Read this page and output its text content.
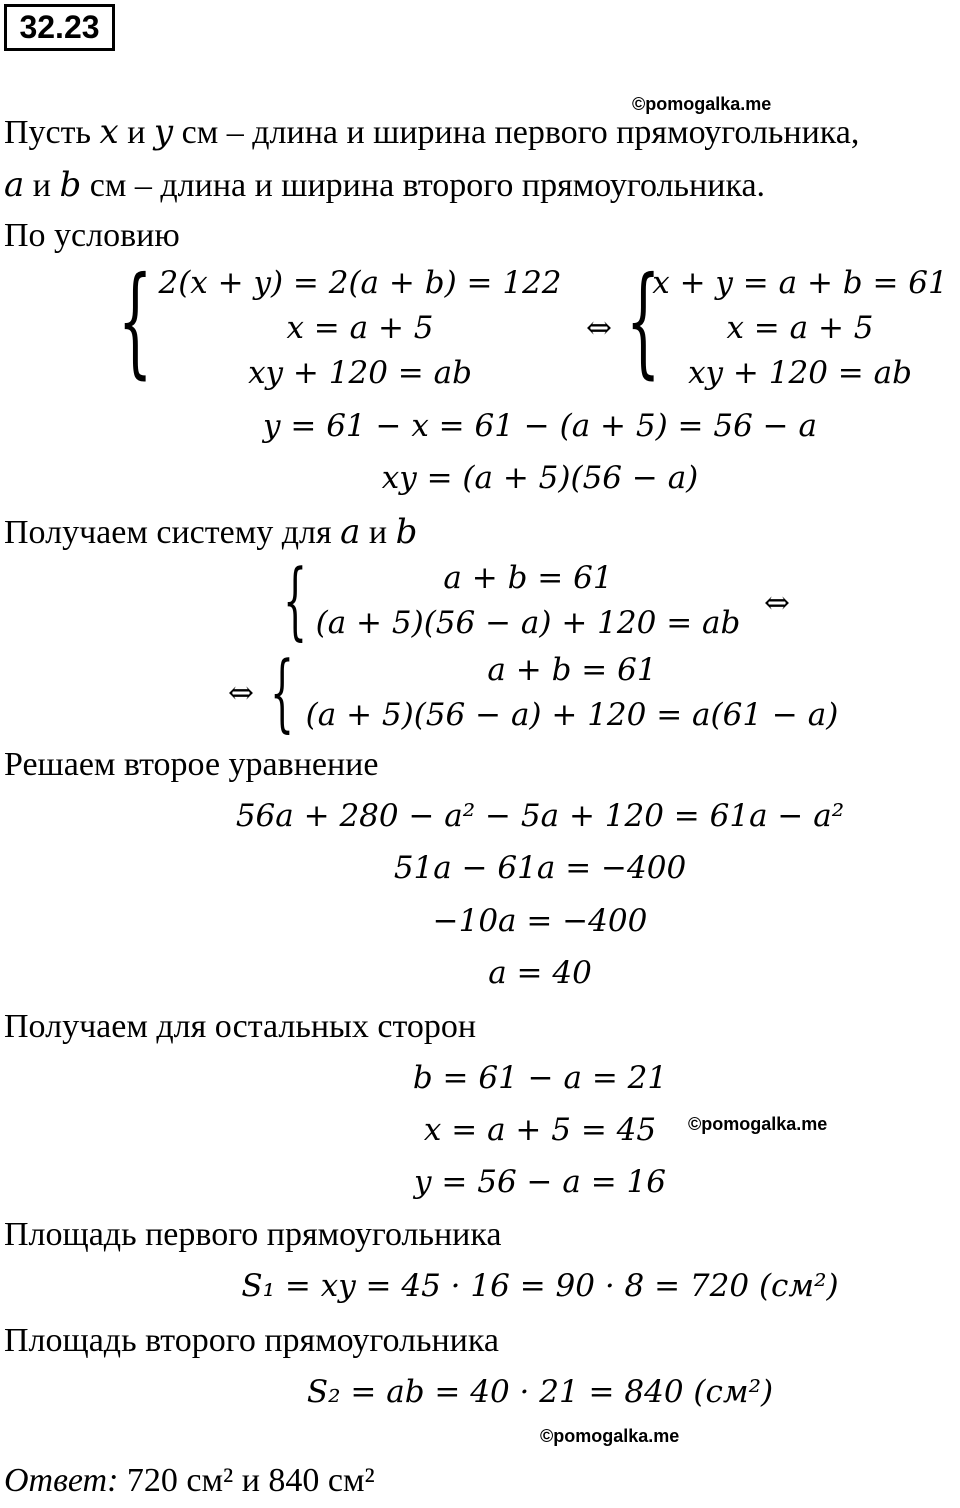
32.23
©pomogalka.me
Пусть x и y см – длина и ширина первого прямоугольника,
a и b см – длина и ширина второго прямоугольника.
По условию
{ 2(x + y) = 2(a + b) = 122
x = a + 5
xy + 120 = ab
⇔ {
x + y = a + b = 61
x = a + 5
xy + 120 = ab
y = 61 − x = 61 − (a + 5) = 56 − a
xy = (a + 5)(56 − a)
Получаем систему для a и b
{	a + b = 61
(a + 5)(56 − a) + 120 = ab
⇔
⇔ {	a + b = 61
(a + 5)(56 − a) + 120 = a(61 − a)
Решаем второе уравнение
56a + 280 − a² − 5a + 120 = 61a − a²
51a − 61a = −400
−10a = −400
a = 40
Получаем для остальных сторон
b = 61 − a = 21
x = a + 5 = 45	©pomogalka.me
y = 56 − a = 16
Площадь первого прямоугольника
S₁ = xy = 45 · 16 = 90 · 8 = 720 (см²)
Площадь второго прямоугольника
S₂ = ab = 40 · 21 = 840 (см²)
©pomogalka.me
Ответ: 720 см² и 840 см²
